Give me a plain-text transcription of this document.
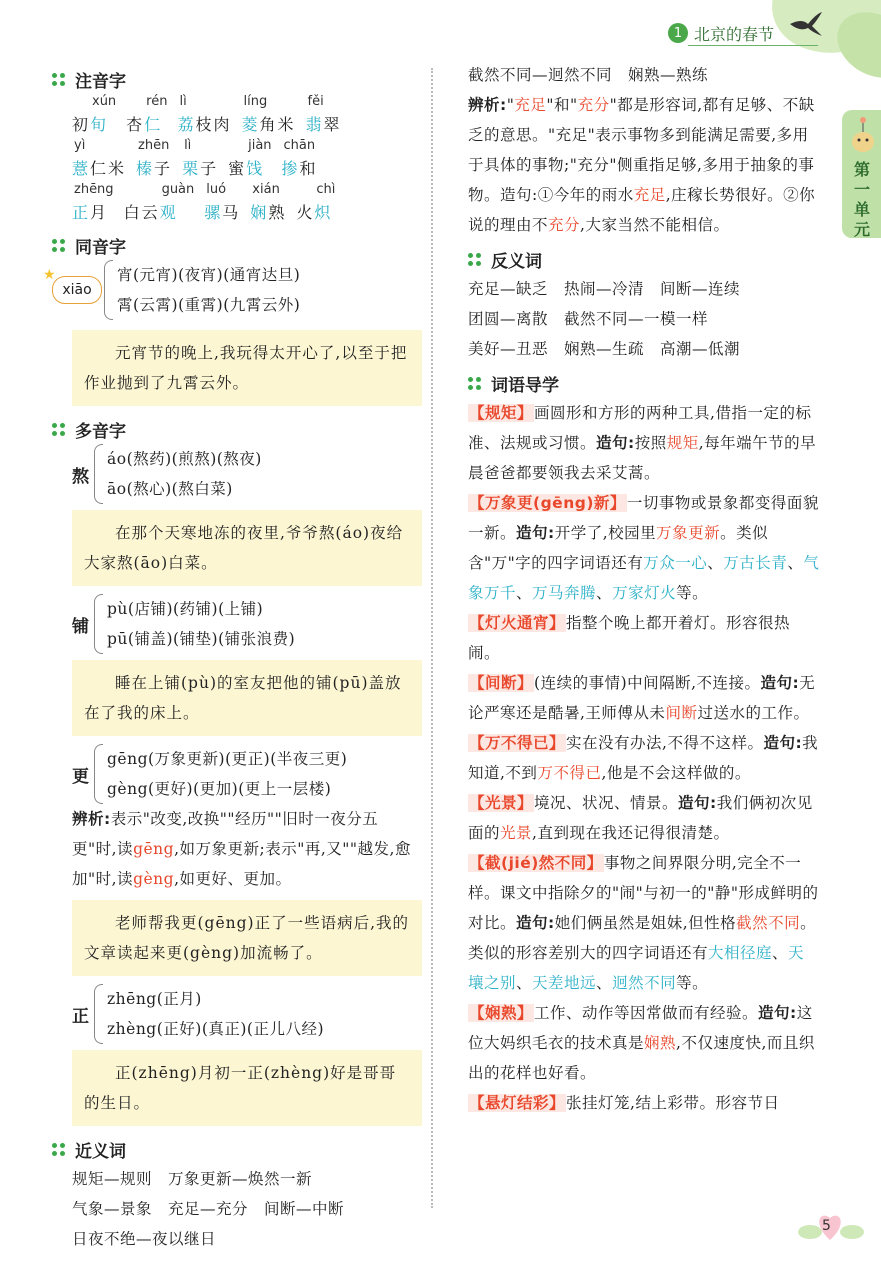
1 北京的春节
第一单元
注音字
xún
初旬
rén
杏仁
lì
荔枝肉
líng
菱角米
fěi
翡翠
yì
薏仁米
zhēn
榛子
lì
栗子
jiàn
蜜饯
chān
掺和
zhēng
正月
guàn
白云观
luó
骡马
xián
娴熟
chì
火炽
同音字
★
xiāo
宵(元宵)(夜宵)(通宵达旦)
霄(云霄)(重霄)(九霄云外)
元宵节的晚上,我玩得太开心了,以至于把作业抛到了九霄云外。
多音字
熬
áo(熬药)(煎熬)(熬夜)
āo(熬心)(熬白菜)
在那个天寒地冻的夜里,爷爷熬(áo)夜给大家熬(āo)白菜。
铺
pù(店铺)(药铺)(上铺)
pū(铺盖)(铺垫)(铺张浪费)
睡在上铺(pù)的室友把他的铺(pū)盖放在了我的床上。
更
gēng(万象更新)(更正)(半夜三更)
gèng(更好)(更加)(更上一层楼)
辨析:表示"改变,改换""经历""旧时一夜分五更"时,读gēng,如万象更新;表示"再,又""越发,愈加"时,读gèng,如更好、更加。
老师帮我更(gēng)正了一些语病后,我的文章读起来更(gèng)加流畅了。
正
zhēng(正月)
zhèng(正好)(真正)(正儿八经)
正(zhēng)月初一正(zhèng)好是哥哥的生日。
近义词
规矩—规则 万象更新—焕然一新
气象—景象 充足—充分 间断—中断
日夜不绝—夜以继日
截然不同—迥然不同 娴熟—熟练
辨析:"充足"和"充分"都是形容词,都有足够、不缺乏的意思。"充足"表示事物多到能满足需要,多用于具体的事物;"充分"侧重指足够,多用于抽象的事物。造句:①今年的雨水充足,庄稼长势很好。②你说的理由不充分,大家当然不能相信。
反义词
充足—缺乏 热闹—冷清 间断—连续
团圆—离散 截然不同—一模一样
美好—丑恶 娴熟—生疏 高潮—低潮
词语导学
【规矩】画圆形和方形的两种工具,借指一定的标准、法规或习惯。造句:按照规矩,每年端午节的早晨爸爸都要领我去采艾蒿。
【万象更(gēng)新】一切事物或景象都变得面貌一新。造句:开学了,校园里万象更新。类似含"万"字的四字词语还有万众一心、万古长青、气象万千、万马奔腾、万家灯火等。
【灯火通宵】指整个晚上都开着灯。形容很热闹。
【间断】(连续的事情)中间隔断,不连接。造句:无论严寒还是酷暑,王师傅从未间断过送水的工作。
【万不得已】实在没有办法,不得不这样。造句:我知道,不到万不得已,他是不会这样做的。
【光景】境况、状况、情景。造句:我们俩初次见面的光景,直到现在我还记得很清楚。
【截(jié)然不同】事物之间界限分明,完全不一样。课文中指除夕的"闹"与初一的"静"形成鲜明的对比。造句:她们俩虽然是姐妹,但性格截然不同。类似的形容差别大的四字词语还有大相径庭、天壤之别、天差地远、迥然不同等。
【娴熟】工作、动作等因常做而有经验。造句:这位大妈织毛衣的技术真是娴熟,不仅速度快,而且织出的花样也好看。
【悬灯结彩】张挂灯笼,结上彩带。形容节日
5
